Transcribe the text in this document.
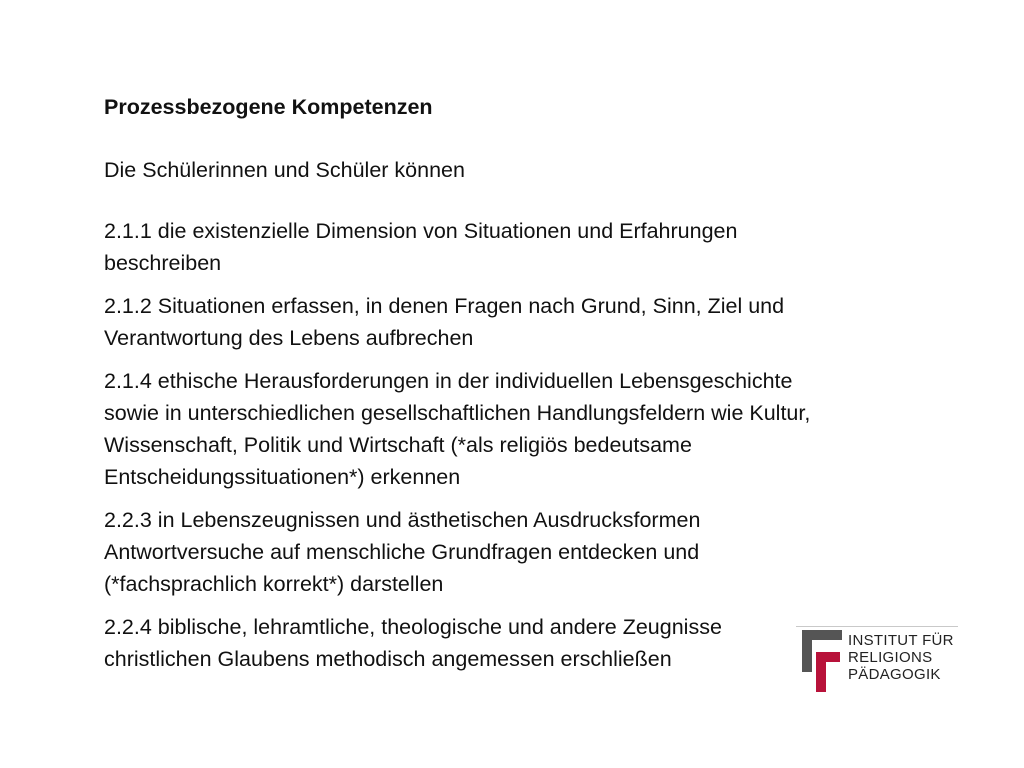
Prozessbezogene Kompetenzen
Die Schülerinnen und Schüler können
2.1.1 die existenzielle Dimension von Situationen und Erfahrungen
beschreiben
2.1.2 Situationen erfassen, in denen Fragen nach Grund, Sinn, Ziel und
Verantwortung des Lebens aufbrechen
2.1.4 ethische Herausforderungen in der individuellen Lebensgeschichte
sowie in unterschiedlichen gesellschaftlichen Handlungsfeldern wie Kultur,
Wissenschaft, Politik und Wirtschaft (*als religiös bedeutsame
Entscheidungssituationen*) erkennen
2.2.3 in Lebenszeugnissen und ästhetischen Ausdrucksformen
Antwortversuche auf menschliche Grundfragen entdecken und
(*fachsprachlich korrekt*) darstellen
2.2.4 biblische, lehramtliche, theologische und andere Zeugnisse
christlichen Glaubens methodisch angemessen erschließen
INSTITUT FÜR
RELIGIONS
PÄDAGOGIK
